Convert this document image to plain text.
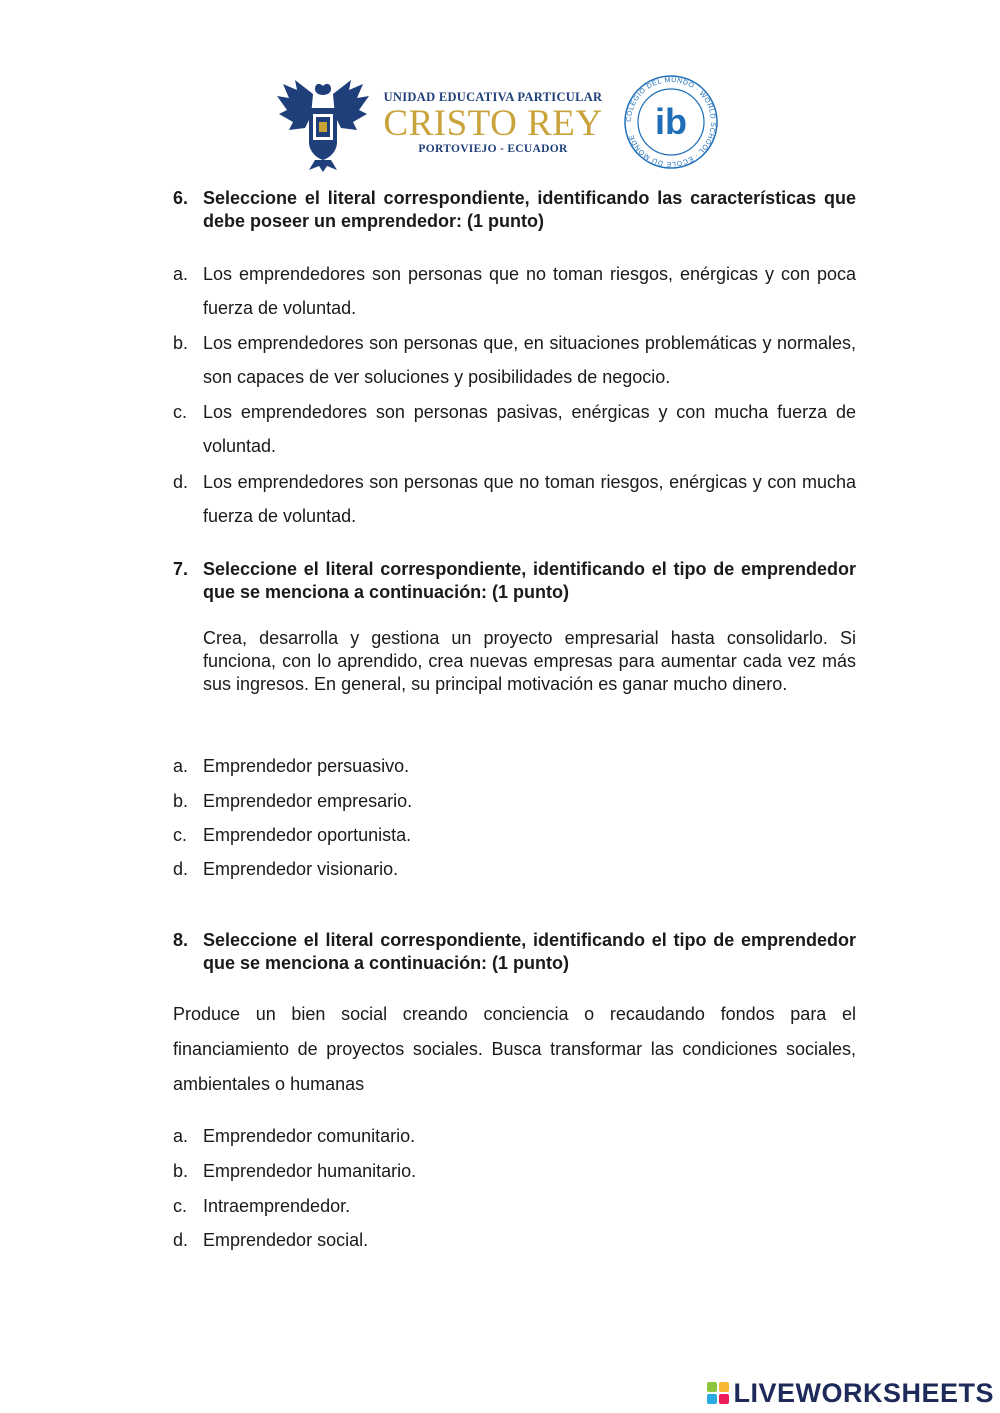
UNIDAD EDUCATIVA PARTICULAR
CRISTO REY
PORTOVIEJO - ECUADOR
COLEGIO DEL MUNDO · WORLD SCHOOL · ÉCOLE DU MONDE · ib
6. Seleccione el literal correspondiente, identificando las características que debe poseer un emprendedor: (1 punto)
a. Los emprendedores son personas que no toman riesgos, enérgicas y con poca fuerza de voluntad.
b. Los emprendedores son personas que, en situaciones problemáticas y normales, son capaces de ver soluciones y posibilidades de negocio.
c. Los emprendedores son personas pasivas, enérgicas y con mucha fuerza de voluntad.
d. Los emprendedores son personas que no toman riesgos, enérgicas y con mucha fuerza de voluntad.
7. Seleccione el literal correspondiente, identificando el tipo de emprendedor que se menciona a continuación: (1 punto)
Crea, desarrolla y gestiona un proyecto empresarial hasta consolidarlo. Si funciona, con lo aprendido, crea nuevas empresas para aumentar cada vez más sus ingresos. En general, su principal motivación es ganar mucho dinero.
a. Emprendedor persuasivo.
b. Emprendedor empresario.
c. Emprendedor oportunista.
d. Emprendedor visionario.
8. Seleccione el literal correspondiente, identificando el tipo de emprendedor que se menciona a continuación: (1 punto)
Produce un bien social creando conciencia o recaudando fondos para el financiamiento de proyectos sociales. Busca transformar las condiciones sociales, ambientales o humanas
a. Emprendedor comunitario.
b. Emprendedor humanitario.
c. Intraemprendedor.
d. Emprendedor social.
LIVEWORKSHEETS
